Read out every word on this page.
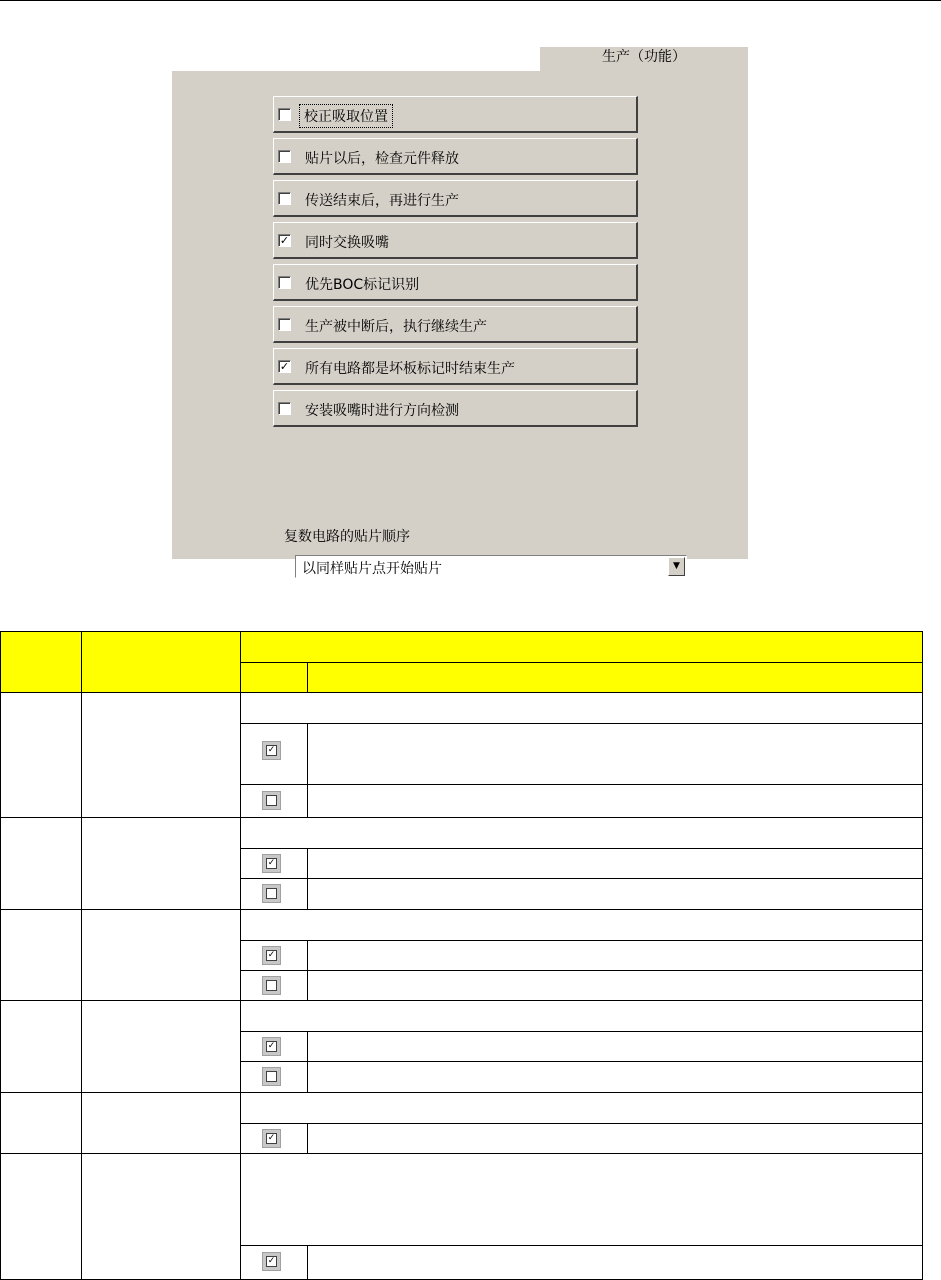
生产（功能）
校正吸取位置
贴片以后，检查元件释放
传送结束后，再进行生产
✓ 同时交换吸嘴
优先BOC标记识别
生产被中断后，执行继续生产
✓ 所有电路都是坏板标记时结束生产
安装吸嘴时进行方向检测
复数电路的贴片顺序
以同样贴片点开始贴片	▼
✓
✓
✓
✓
✓
✓
